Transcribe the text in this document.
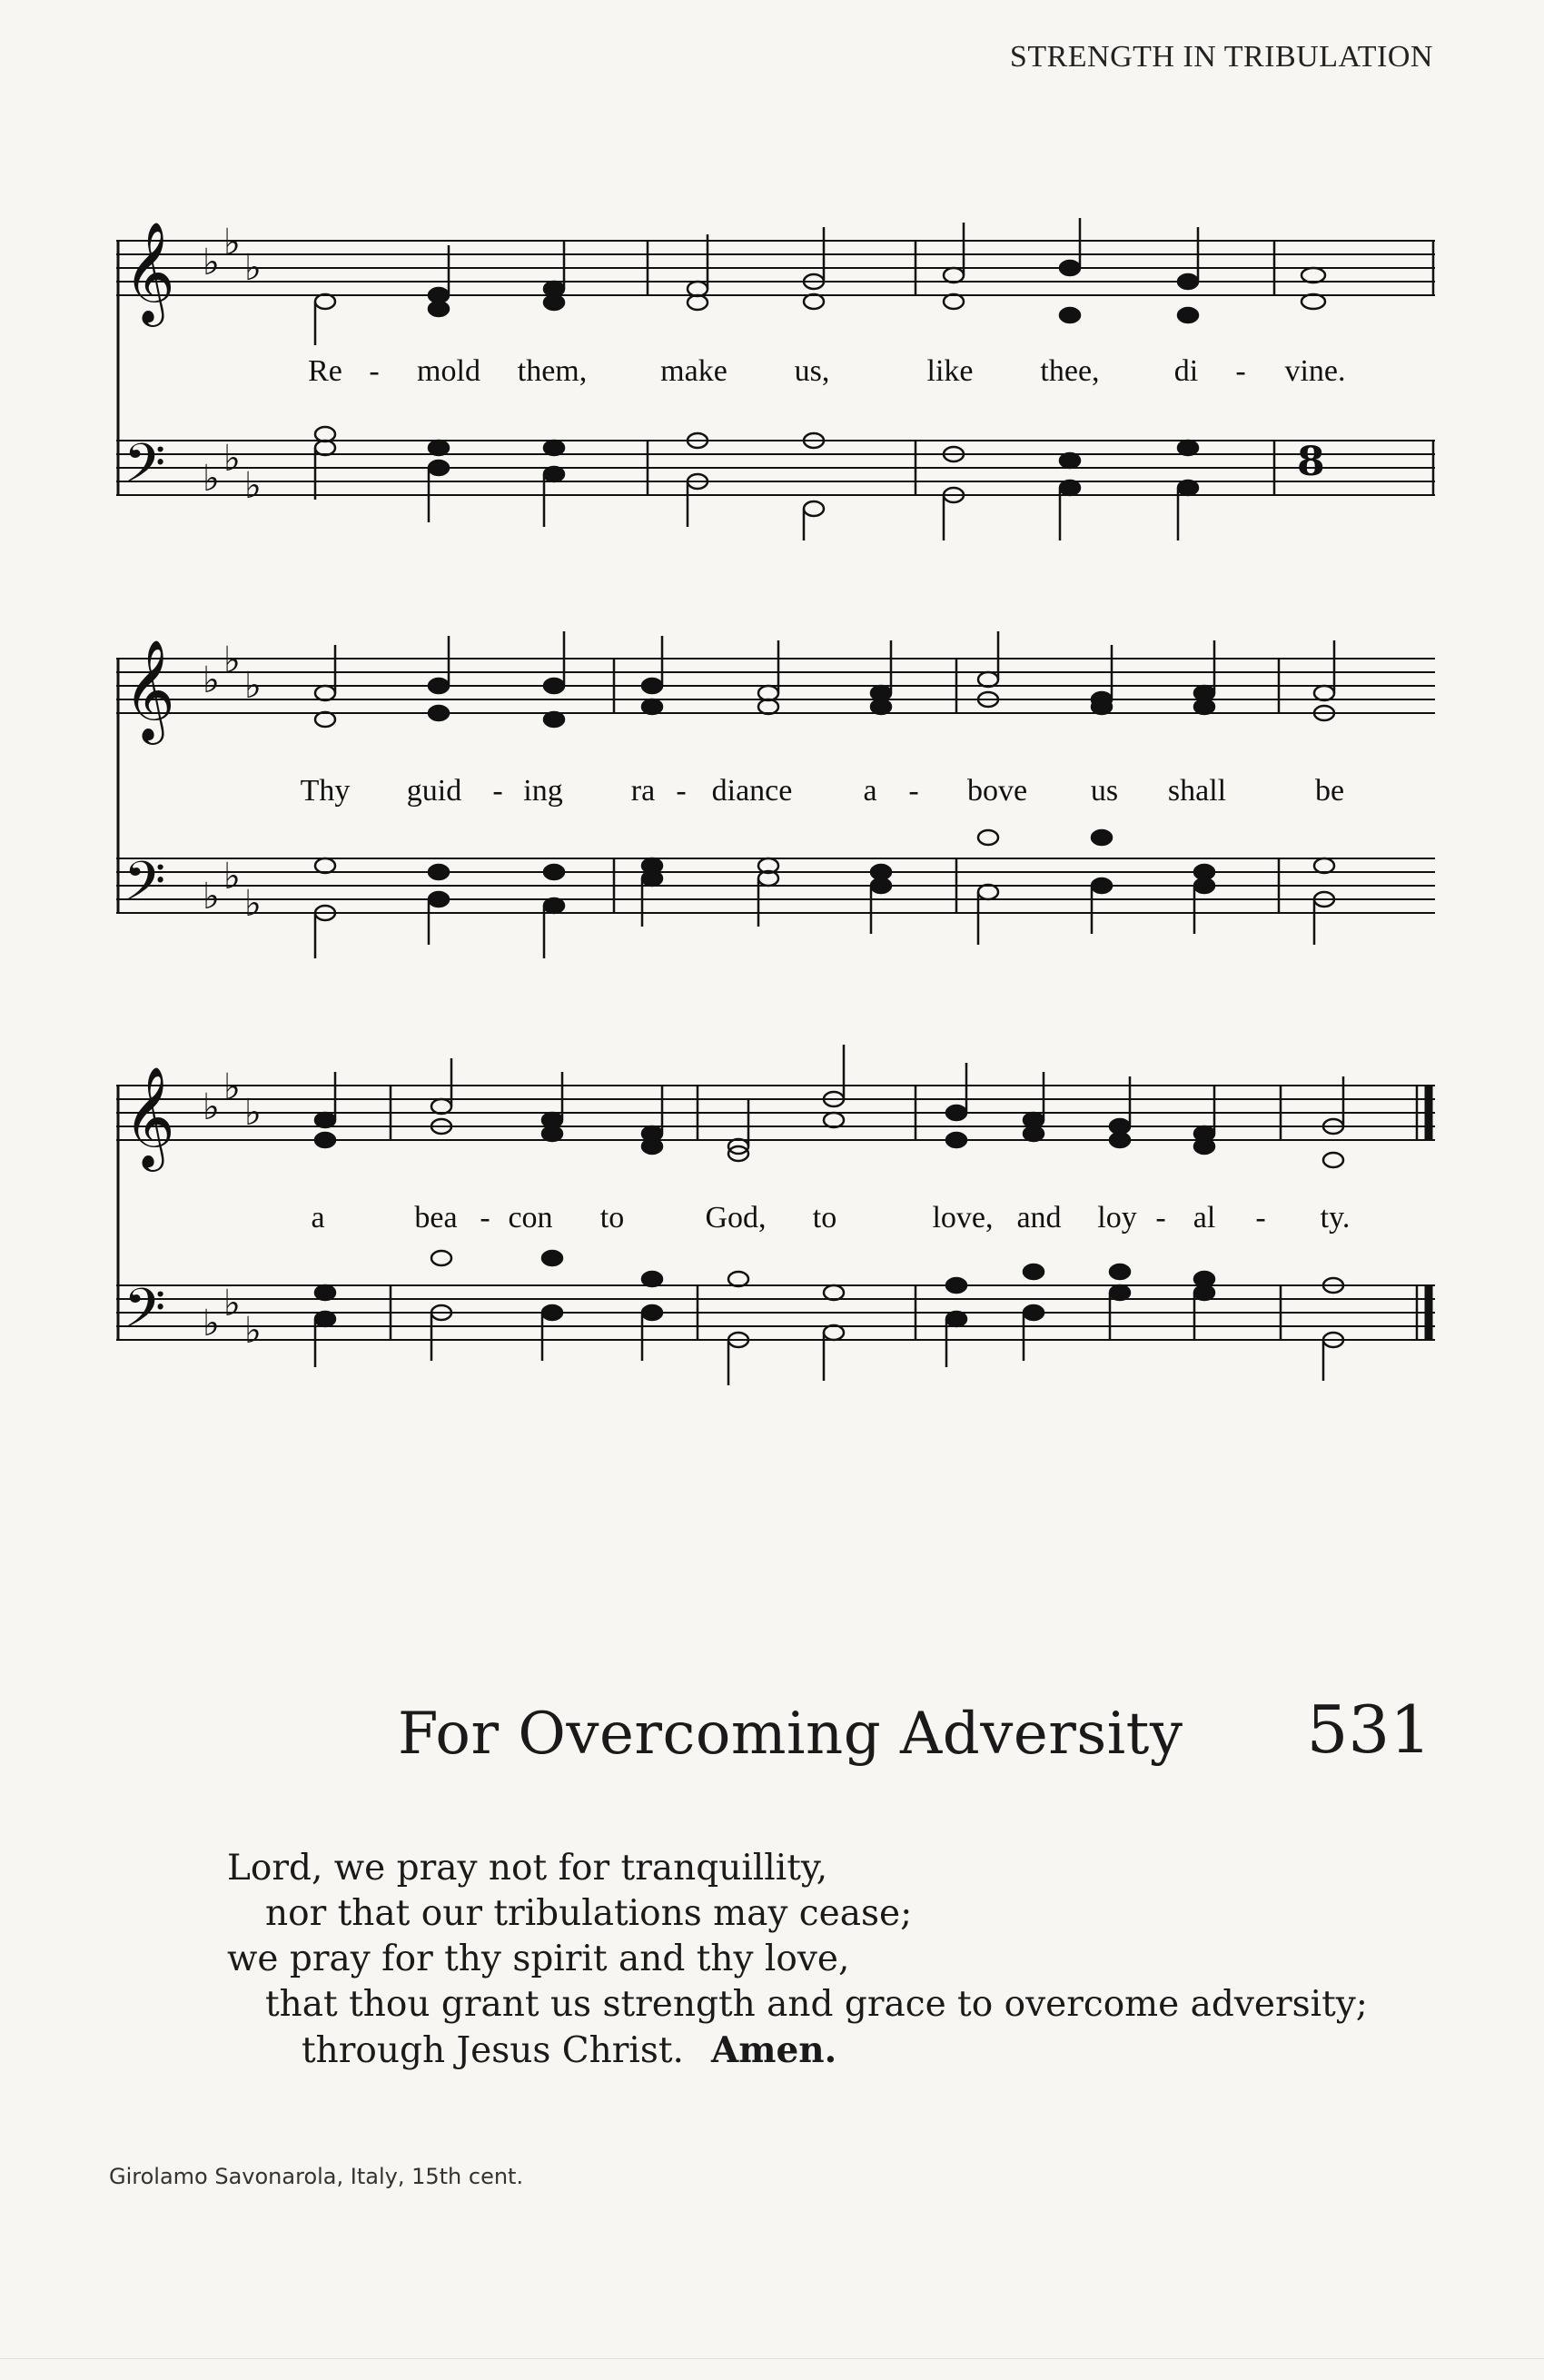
STRENGTH IN TRIBULATION
𝄞
𝄢
♭ ♭
♭
♭ ♭
♭
8
Re - mold them, make us,	like thee, di - vine.
𝄞
𝄢
♭ ♭
♭
♭ ♭
♭
Thy guid - ing ra - diance a - bove us shall	be
𝄞
𝄢
♭ ♭
♭
♭ ♭
♭
a	bea - con to	God, to	love, and loy - al - ty.
For Overcoming Adversity 531
Lord, we pray not for tranquillity,
nor that our tribulations may cease;
we pray for thy spirit and thy love,
that thou grant us strength and grace to overcome adversity;
through Jesus Christ. Amen.
Girolamo Savonarola, Italy, 15th cent.
